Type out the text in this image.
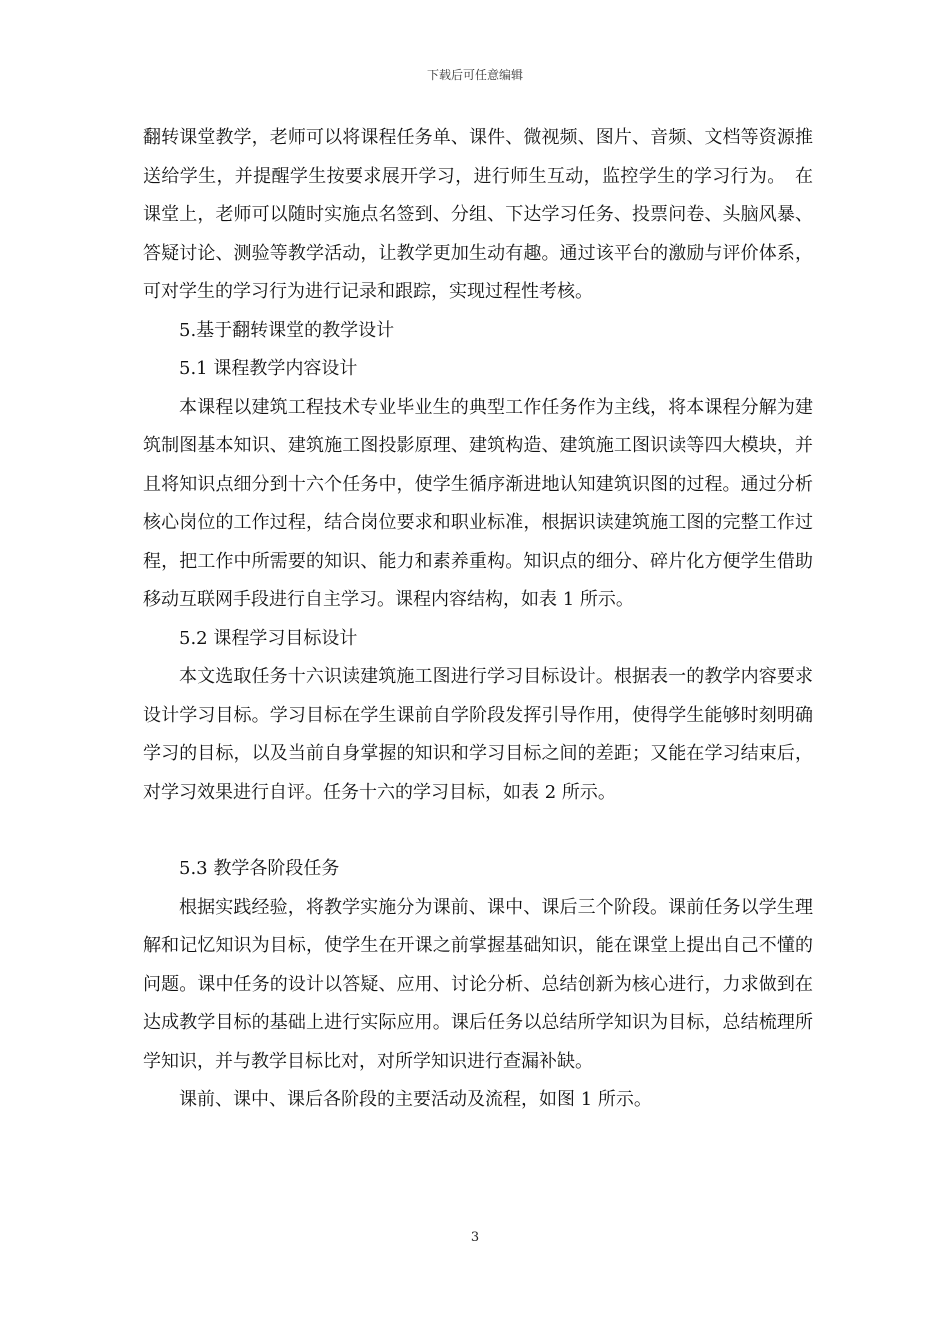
下载后可任意编辑

翻转课堂教学，老师可以将课程任务单、课件、微视频、图片、音频、文档等资源推送给学生，并提醒学生按要求展开学习，进行师生互动，监控学生的学习行为。　在课堂上，老师可以随时实施点名签到、分组、下达学习任务、投票问卷、头脑风暴、答疑讨论、测验等教学活动，让教学更加生动有趣。通过该平台的激励与评价体系，可对学生的学习行为进行记录和跟踪，实现过程性考核。

5.基于翻转课堂的教学设计

5.1 课程教学内容设计

本课程以建筑工程技术专业毕业生的典型工作任务作为主线，将本课程分解为建筑制图基本知识、建筑施工图投影原理、建筑构造、建筑施工图识读等四大模块，并且将知识点细分到十六个任务中，使学生循序渐进地认知建筑识图的过程。通过分析核心岗位的工作过程，结合岗位要求和职业标准，根据识读建筑施工图的完整工作过程，把工作中所需要的知识、能力和素养重构。知识点的细分、碎片化方便学生借助移动互联网手段进行自主学习。课程内容结构，如表 1 所示。

5.2 课程学习目标设计

本文选取任务十六识读建筑施工图进行学习目标设计。根据表一的教学内容要求设计学习目标。学习目标在学生课前自学阶段发挥引导作用，使得学生能够时刻明确学习的目标，以及当前自身掌握的知识和学习目标之间的差距；又能在学习结束后，对学习效果进行自评。任务十六的学习目标，如表 2 所示。

5.3 教学各阶段任务

根据实践经验，将教学实施分为课前、课中、课后三个阶段。课前任务以学生理解和记忆知识为目标，使学生在开课之前掌握基础知识，能在课堂上提出自己不懂的问题。课中任务的设计以答疑、应用、讨论分析、总结创新为核心进行，力求做到在达成教学目标的基础上进行实际应用。课后任务以总结所学知识为目标，总结梳理所学知识，并与教学目标比对，对所学知识进行查漏补缺。

课前、课中、课后各阶段的主要活动及流程，如图 1 所示。

3
